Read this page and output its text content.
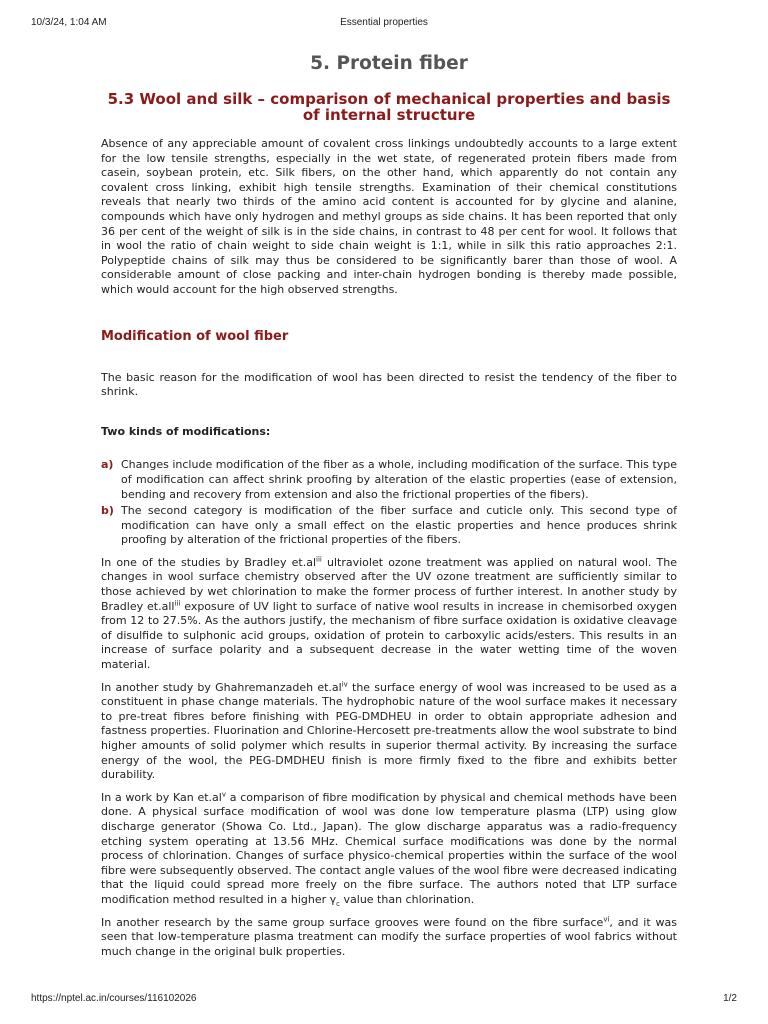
10/3/24, 1:04 AM	Essential properties
5. Protein fiber
5.3 Wool and silk – comparison of mechanical properties and basis of internal structure

Absence of any appreciable amount of covalent cross linkings undoubtedly accounts to a large extent for the low tensile strengths, especially in the wet state, of regenerated protein fibers made from casein, soybean protein, etc. Silk fibers, on the other hand, which apparently do not contain any covalent cross linking, exhibit high tensile strengths. Examination of their chemical constitutions reveals that nearly two thirds of the amino acid content is accounted for by glycine and alanine, compounds which have only hydrogen and methyl groups as side chains. It has been reported that only 36 per cent of the weight of silk is in the side chains, in contrast to 48 per cent for wool. It follows that in wool the ratio of chain weight to side chain weight is 1:1, while in silk this ratio approaches 2:1. Polypeptide chains of silk may thus be considered to be significantly barer than those of wool. A considerable amount of close packing and inter-chain hydrogen bonding is thereby made possible, which would account for the high observed strengths.

Modification of wool fiber

The basic reason for the modification of wool has been directed to resist the tendency of the fiber to shrink.

Two kinds of modifications:
a) Changes include modification of the fiber as a whole, including modification of the surface. This type of modification can affect shrink proofing by alteration of the elastic properties (ease of extension, bending and recovery from extension and also the frictional properties of the fibers).
b) The second category is modification of the fiber surface and cuticle only. This second type of modification can have only a small effect on the elastic properties and hence produces shrink proofing by alteration of the frictional properties of the fibers.

In one of the studies by Bradley $et.al^{iii}$ ultraviolet ozone treatment was applied on natural wool. The changes in wool surface chemistry observed after the UV ozone treatment are sufficiently similar to those achieved by wet chlorination to make the former process of further interest. In another study by Bradley et.all$^{iii}$ exposure of UV light to surface of native wool results in increase in chemisorbed oxygen from 12 to 27.5%. As the authors justify, the mechanism of fibre surface oxidation is oxidative cleavage of disulfide to sulphonic acid groups, oxidation of protein to carboxylic acids/esters. This results in an increase of surface polarity and a subsequent decrease in the water wetting time of the woven material.

In another study by Ghahremanzadeh $et.al^{iv}$ the surface energy of wool was increased to be used as a constituent in phase change materials. The hydrophobic nature of the wool surface makes it necessary to pre-treat fibres before finishing with PEG-DMDHEU in order to obtain appropriate adhesion and fastness properties. Fluorination and Chlorine-Hercosett pre-treatments allow the wool substrate to bind higher amounts of solid polymer which results in superior thermal activity. By increasing the surface energy of the wool, the PEG-DMDHEU finish is more firmly fixed to the fibre and exhibits better durability.

In a work by Kan $et.al^v$ a comparison of fibre modification by physical and chemical methods have been done. A physical surface modification of wool was done low temperature plasma (LTP) using glow discharge generator (Showa Co. Ltd., Japan). The glow discharge apparatus was a radio-frequency etching system operating at 13.56 MHz. Chemical surface modifications was done by the normal process of chlorination. Changes of surface physico-chemical properties within the surface of the wool fibre were subsequently observed. The contact angle values of the wool fibre were decreased indicating that the liquid could spread more freely on the fibre surface. The authors noted that LTP surface modification method resulted in a higher $\gamma_c$ value than chlorination.

In another research by the same group surface grooves were found on the fibre surface$^{vi}$, and it was seen that low-temperature plasma treatment can modify the surface properties of wool fabrics without much change in the original bulk properties.

https://nptel.ac.in/courses/116102026	1/2
